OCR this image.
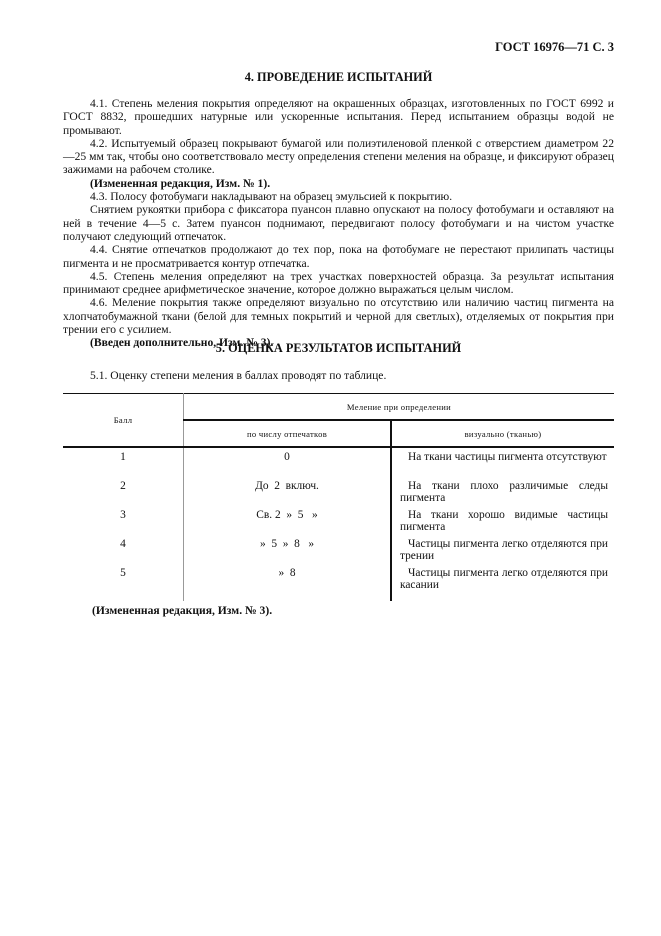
ГОСТ 16976—71 С. 3
4. ПРОВЕДЕНИЕ ИСПЫТАНИЙ

4.1. Степень меления покрытия определяют на окрашенных образцах, изготовленных по ГОСТ 6992 и ГОСТ 8832, прошедших натурные или ускоренные испытания. Перед испытанием образцы водой не промывают.

4.2. Испытуемый образец покрывают бумагой или полиэтиленовой пленкой с отверстием диаметром 22—25 мм так, чтобы оно соответствовало месту определения степени меления на образце, и фиксируют образец зажимами на рабочем столике.

(Измененная редакция, Изм. № 1).

4.3. Полосу фотобумаги накладывают на образец эмульсией к покрытию.

Снятием рукоятки прибора с фиксатора пуансон плавно опускают на полосу фотобумаги и оставляют на ней в течение 4—5 с. Затем пуансон поднимают, передвигают полосу фотобумаги и на чистом участке получают следующий отпечаток.

4.4. Снятие отпечатков продолжают до тех пор, пока на фотобумаге не перестают прилипать частицы пигмента и не просматривается контур отпечатка.

4.5. Степень меления определяют на трех участках поверхностей образца. За результат испытания принимают среднее арифметическое значение, которое должно выражаться целым числом.

4.6. Меление покрытия также определяют визуально по отсутствию или наличию частиц пигмента на хлопчатобумажной ткани (белой для темных покрытий и черной для светлых), отделяемых от покрытия при трении его с усилием.

(Введен дополнительно, Изм. № 3).

5. ОЦЕНКА РЕЗУЛЬТАТОВ ИСПЫТАНИЙ

5.1. Оценку степени меления в баллах проводят по таблице.

Балл	Меление при определении	
	по числу отпечатков	визуально (тканью)
1	0	На ткани частицы пигмента отсутствуют

2	До  2  включ.	На ткани плохо различимые следы пигмента

3	Св. 2  »  5   »	На ткани хорошо видимые частицы пигмента

4	»  5  »  8   »	Частицы пигмента легко отделяются при трении

5	»  8	Частицы пигмента легко отделяются при касании
(Измененная редакция, Изм. № 3).
